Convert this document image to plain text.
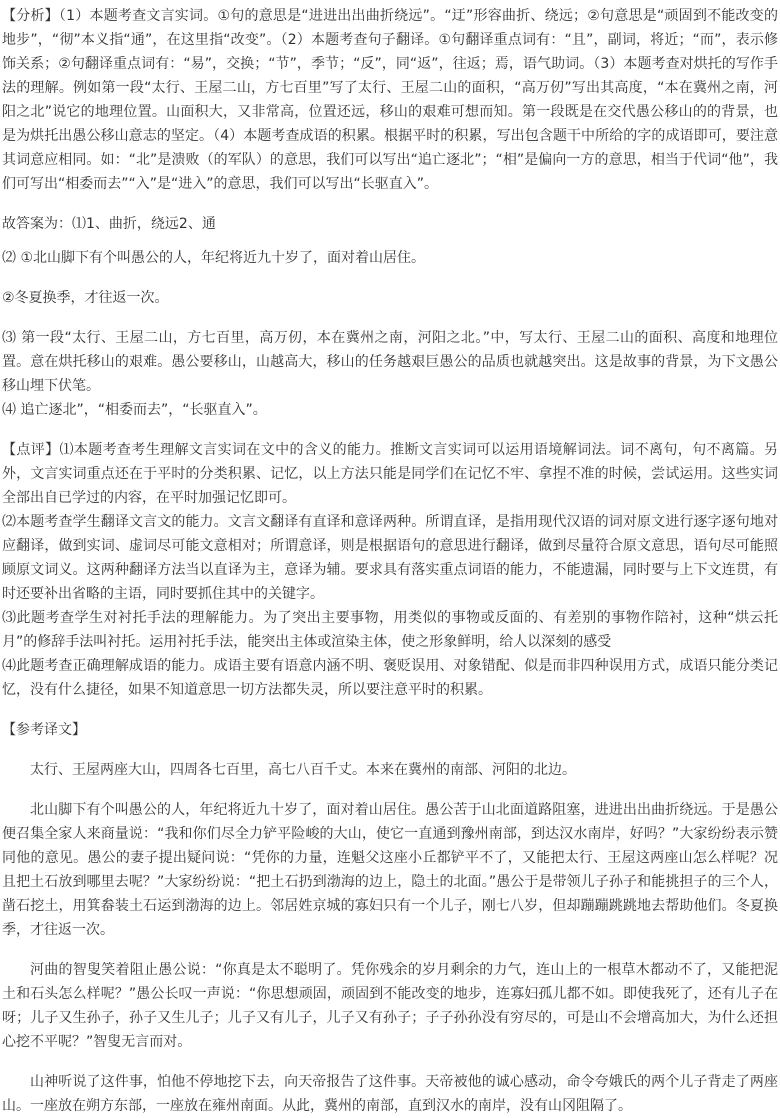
【分析】（1）本题考查文言实词。①句的意思是“进进出出曲折绕远”。“迂”形容曲折、绕远；②句意思是“顽固到不能改变的地步”，“彻”本义指“通”，在这里指“改变”。（2）本题考查句子翻译。①句翻译重点词有：“且”，副词，将近；“而”，表示修饰关系；②句翻译重点词有：“易”，交换；“节”，季节；“反”，同“返”，往返；焉，语气助词。（3）本题考查对烘托的写作手法的理解。例如第一段“太行、王屋二山，方七百里”写了太行、王屋二山的面积，“高万仞”写出其高度，“本在冀州之南，河阳之北”说它的地理位置。山面积大，又非常高，位置还远，移山的艰难可想而知。第一段既是在交代愚公移山的的背景，也是为烘托出愚公移山意志的坚定。（4）本题考查成语的积累。根据平时的积累，写出包含题干中所给的字的成语即可，要注意其词意应相同。如：“北”是溃败（的军队）的意思，我们可以写出“追亡逐北”；“相”是偏向一方的意思，相当于代词“他”，我们可写出“相委而去”“入”是“进入”的意思，我们可以写出“长驱直入”。

故答案为：⑴1、曲折，绕远2、通

⑵ ①北山脚下有个叫愚公的人，年纪将近九十岁了，面对着山居住。

②冬夏换季，才往返一次。

⑶ 第一段“太行、王屋二山，方七百里，高万仞，本在冀州之南，河阳之北。”中，写太行、王屋二山的面积、高度和地理位置。意在烘托移山的艰难。愚公要移山，山越高大，移山的任务越艰巨愚公的品质也就越突出。这是故事的背景，为下文愚公移山埋下伏笔。

⑷ 追亡逐北”，“相委而去”，“长驱直入”。

【点评】⑴本题考查考生理解文言实词在文中的含义的能力。推断文言实词可以运用语境解词法。词不离句，句不离篇。另外，文言实词重点还在于平时的分类积累、记忆，以上方法只能是同学们在记忆不牢、拿捏不准的时候，尝试运用。这些实词全部出自已学过的内容，在平时加强记忆即可。

⑵本题考查学生翻译文言文的能力。文言文翻译有直译和意译两种。所谓直译，是指用现代汉语的词对原文进行逐字逐句地对应翻译，做到实词、虚词尽可能文意相对；所谓意译，则是根据语句的意思进行翻译，做到尽量符合原文意思，语句尽可能照顾原文词义。这两种翻译方法当以直译为主，意译为辅。要求具有落实重点词语的能力，不能遗漏，同时要与上下文连贯，有时还要补出省略的主语，同时要抓住其中的关键字。

⑶此题考查学生对衬托手法的理解能力。为了突出主要事物，用类似的事物或反面的、有差别的事物作陪衬，这种“烘云托月”的修辞手法叫衬托。运用衬托手法，能突出主体或渲染主体，使之形象鲜明，给人以深刻的感受

⑷此题考查正确理解成语的能力。成语主要有语意内涵不明、褒贬误用、对象错配、似是而非四种误用方式，成语只能分类记忆，没有什么捷径，如果不知道意思一切方法都失灵，所以要注意平时的积累。

【参考译文】

太行、王屋两座大山，四周各七百里，高七八百千丈。本来在冀州的南部、河阳的北边。

北山脚下有个叫愚公的人，年纪将近九十岁了，面对着山居住。愚公苦于山北面道路阻塞，进进出出曲折绕远。于是愚公便召集全家人来商量说：“我和你们尽全力铲平险峻的大山，使它一直通到豫州南部，到达汉水南岸，好吗？”大家纷纷表示赞同他的意见。愚公的妻子提出疑问说：“凭你的力量，连魁父这座小丘都铲平不了，又能把太行、王屋这两座山怎么样呢？况且把土石放到哪里去呢？”大家纷纷说：“把土石扔到渤海的边上，隐土的北面。”愚公于是带领儿子孙子和能挑担子的三个人，凿石挖土，用箕畚装土石运到渤海的边上。邻居姓京城的寡妇只有一个儿子，刚七八岁，但却蹦蹦跳跳地去帮助他们。冬夏换季，才往返一次。

河曲的智叟笑着阻止愚公说：“你真是太不聪明了。凭你残余的岁月剩余的力气，连山上的一根草木都动不了，又能把泥土和石头怎么样呢？”愚公长叹一声说：“你思想顽固，顽固到不能改变的地步，连寡妇孤儿都不如。即使我死了，还有儿子在呀；儿子又生孙子，孙子又生儿子；儿子又有儿子，儿子又有孙子；子子孙孙没有穷尽的，可是山不会增高加大，为什么还担心挖不平呢？”智叟无言而对。

山神听说了这件事，怕他不停地挖下去，向天帝报告了这件事。天帝被他的诚心感动，命令夸娥氏的两个儿子背走了两座山。一座放在朔方东部，一座放在雍州南面。从此，冀州的南部，直到汉水的南岸，没有山冈阻隔了。
